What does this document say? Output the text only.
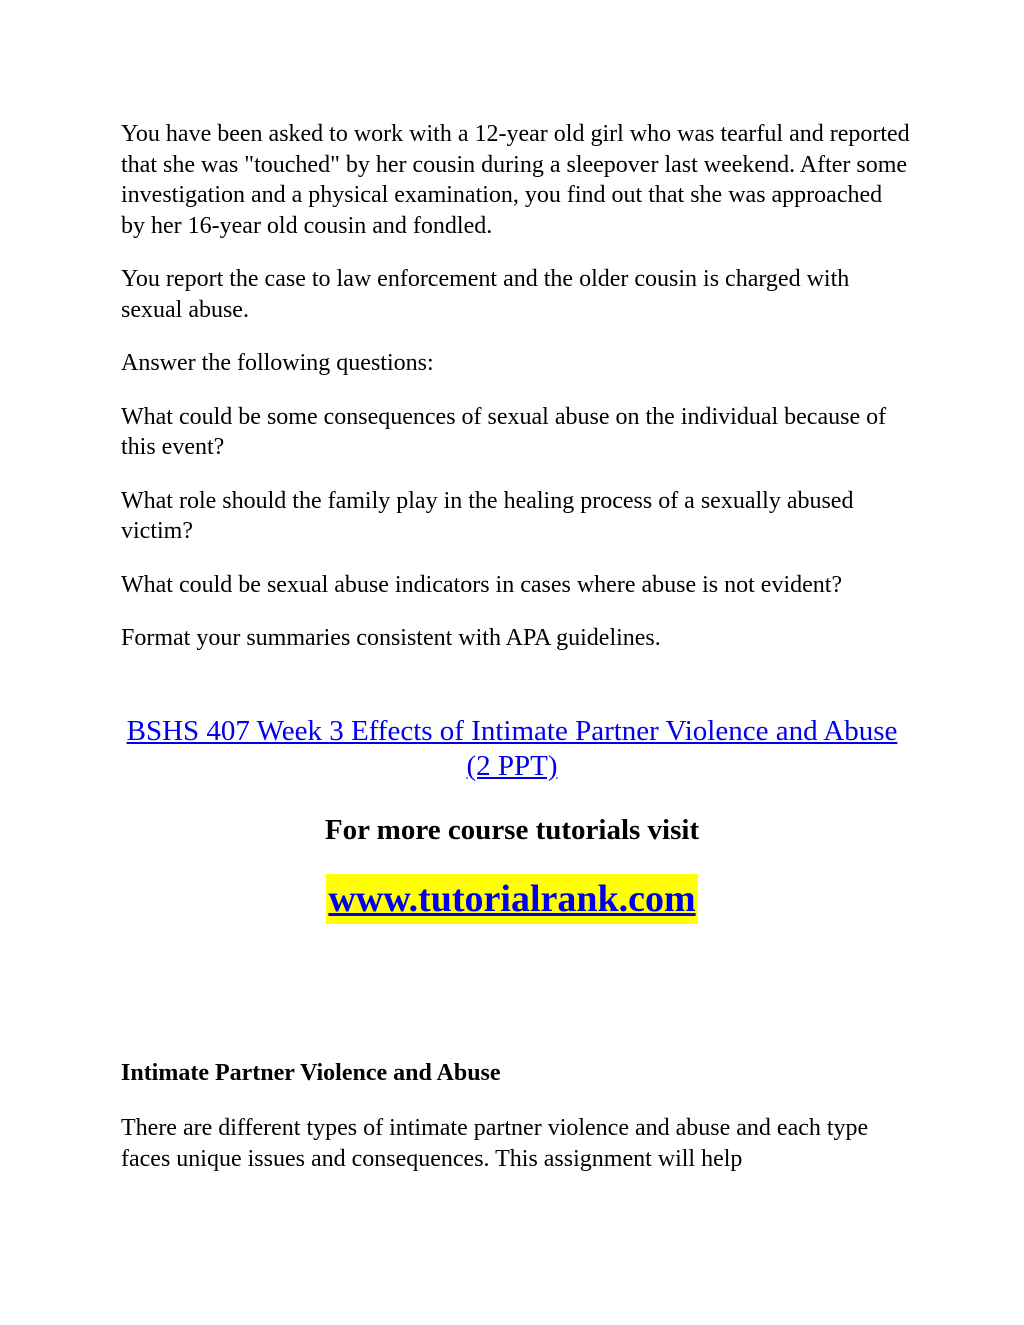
You have been asked to work with a 12-year old girl who was tearful and reported that she was "touched" by her cousin during a sleepover last weekend. After some investigation and a physical examination, you find out that she was approached by her 16-year old cousin and fondled.

You report the case to law enforcement and the older cousin is charged with sexual abuse.

Answer the following questions:

What could be some consequences of sexual abuse on the individual because of this event?

What role should the family play in the healing process of a sexually abused victim?

What could be sexual abuse indicators in cases where abuse is not evident?

Format your summaries consistent with APA guidelines.

BSHS 407 Week 3 Effects of Intimate Partner Violence and Abuse (2 PPT)
For more course tutorials visit
www.tutorialrank.com
Intimate Partner Violence and Abuse
There are different types of intimate partner violence and abuse and each type faces unique issues and consequences. This assignment will help
